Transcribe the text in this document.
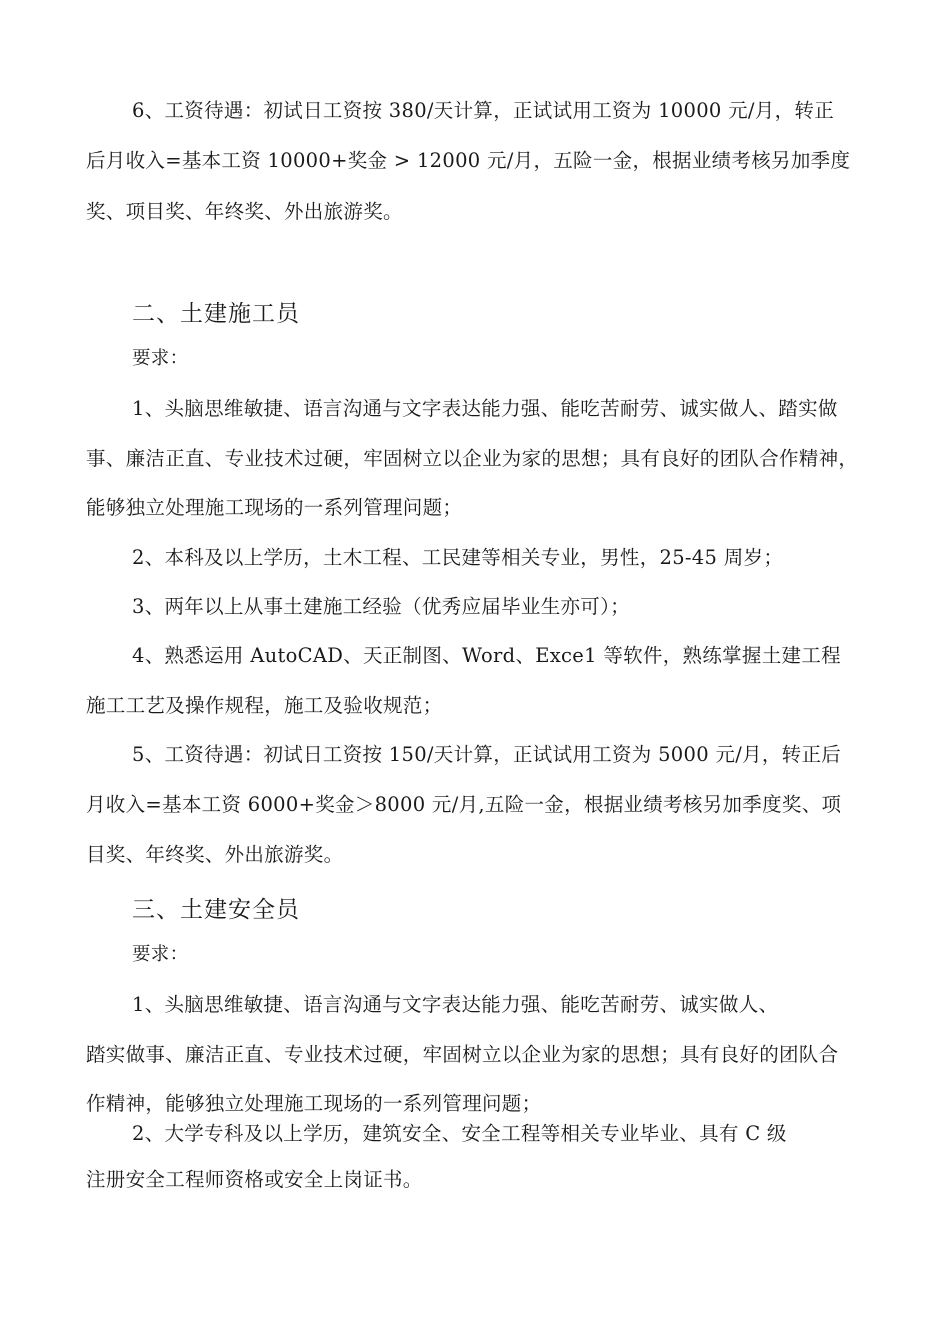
6、工资待遇：初试日工资按 380/天计算，正试试用工资为 10000 元/月，转正
后月收入=基本工资 10000+奖金 > 12000 元/月，五险一金，根据业绩考核另加季度
奖、项目奖、年终奖、外出旅游奖。
二、土建施工员
要求：
1、头脑思维敏捷、语言沟通与文字表达能力强、能吃苦耐劳、诚实做人、踏实做
事、廉洁正直、专业技术过硬，牢固树立以企业为家的思想；具有良好的团队合作精神，
能够独立处理施工现场的一系列管理问题；
2、本科及以上学历，土木工程、工民建等相关专业，男性，25-45 周岁；
3、两年以上从事土建施工经验（优秀应届毕业生亦可）；
4、熟悉运用 AutoCAD、天正制图、Word、Exce1 等软件，熟练掌握土建工程
施工工艺及操作规程，施工及验收规范；
5、工资待遇：初试日工资按 150/天计算，正试试用工资为 5000 元/月，转正后
月收入=基本工资 6000+奖金＞8000 元/月,五险一金，根据业绩考核另加季度奖、项
目奖、年终奖、外出旅游奖。
三、土建安全员
要求：
1、头脑思维敏捷、语言沟通与文字表达能力强、能吃苦耐劳、诚实做人、
踏实做事、廉洁正直、专业技术过硬，牢固树立以企业为家的思想；具有良好的团队合
作精神，能够独立处理施工现场的一系列管理问题；
2、大学专科及以上学历，建筑安全、安全工程等相关专业毕业、具有 C 级
注册安全工程师资格或安全上岗证书。
